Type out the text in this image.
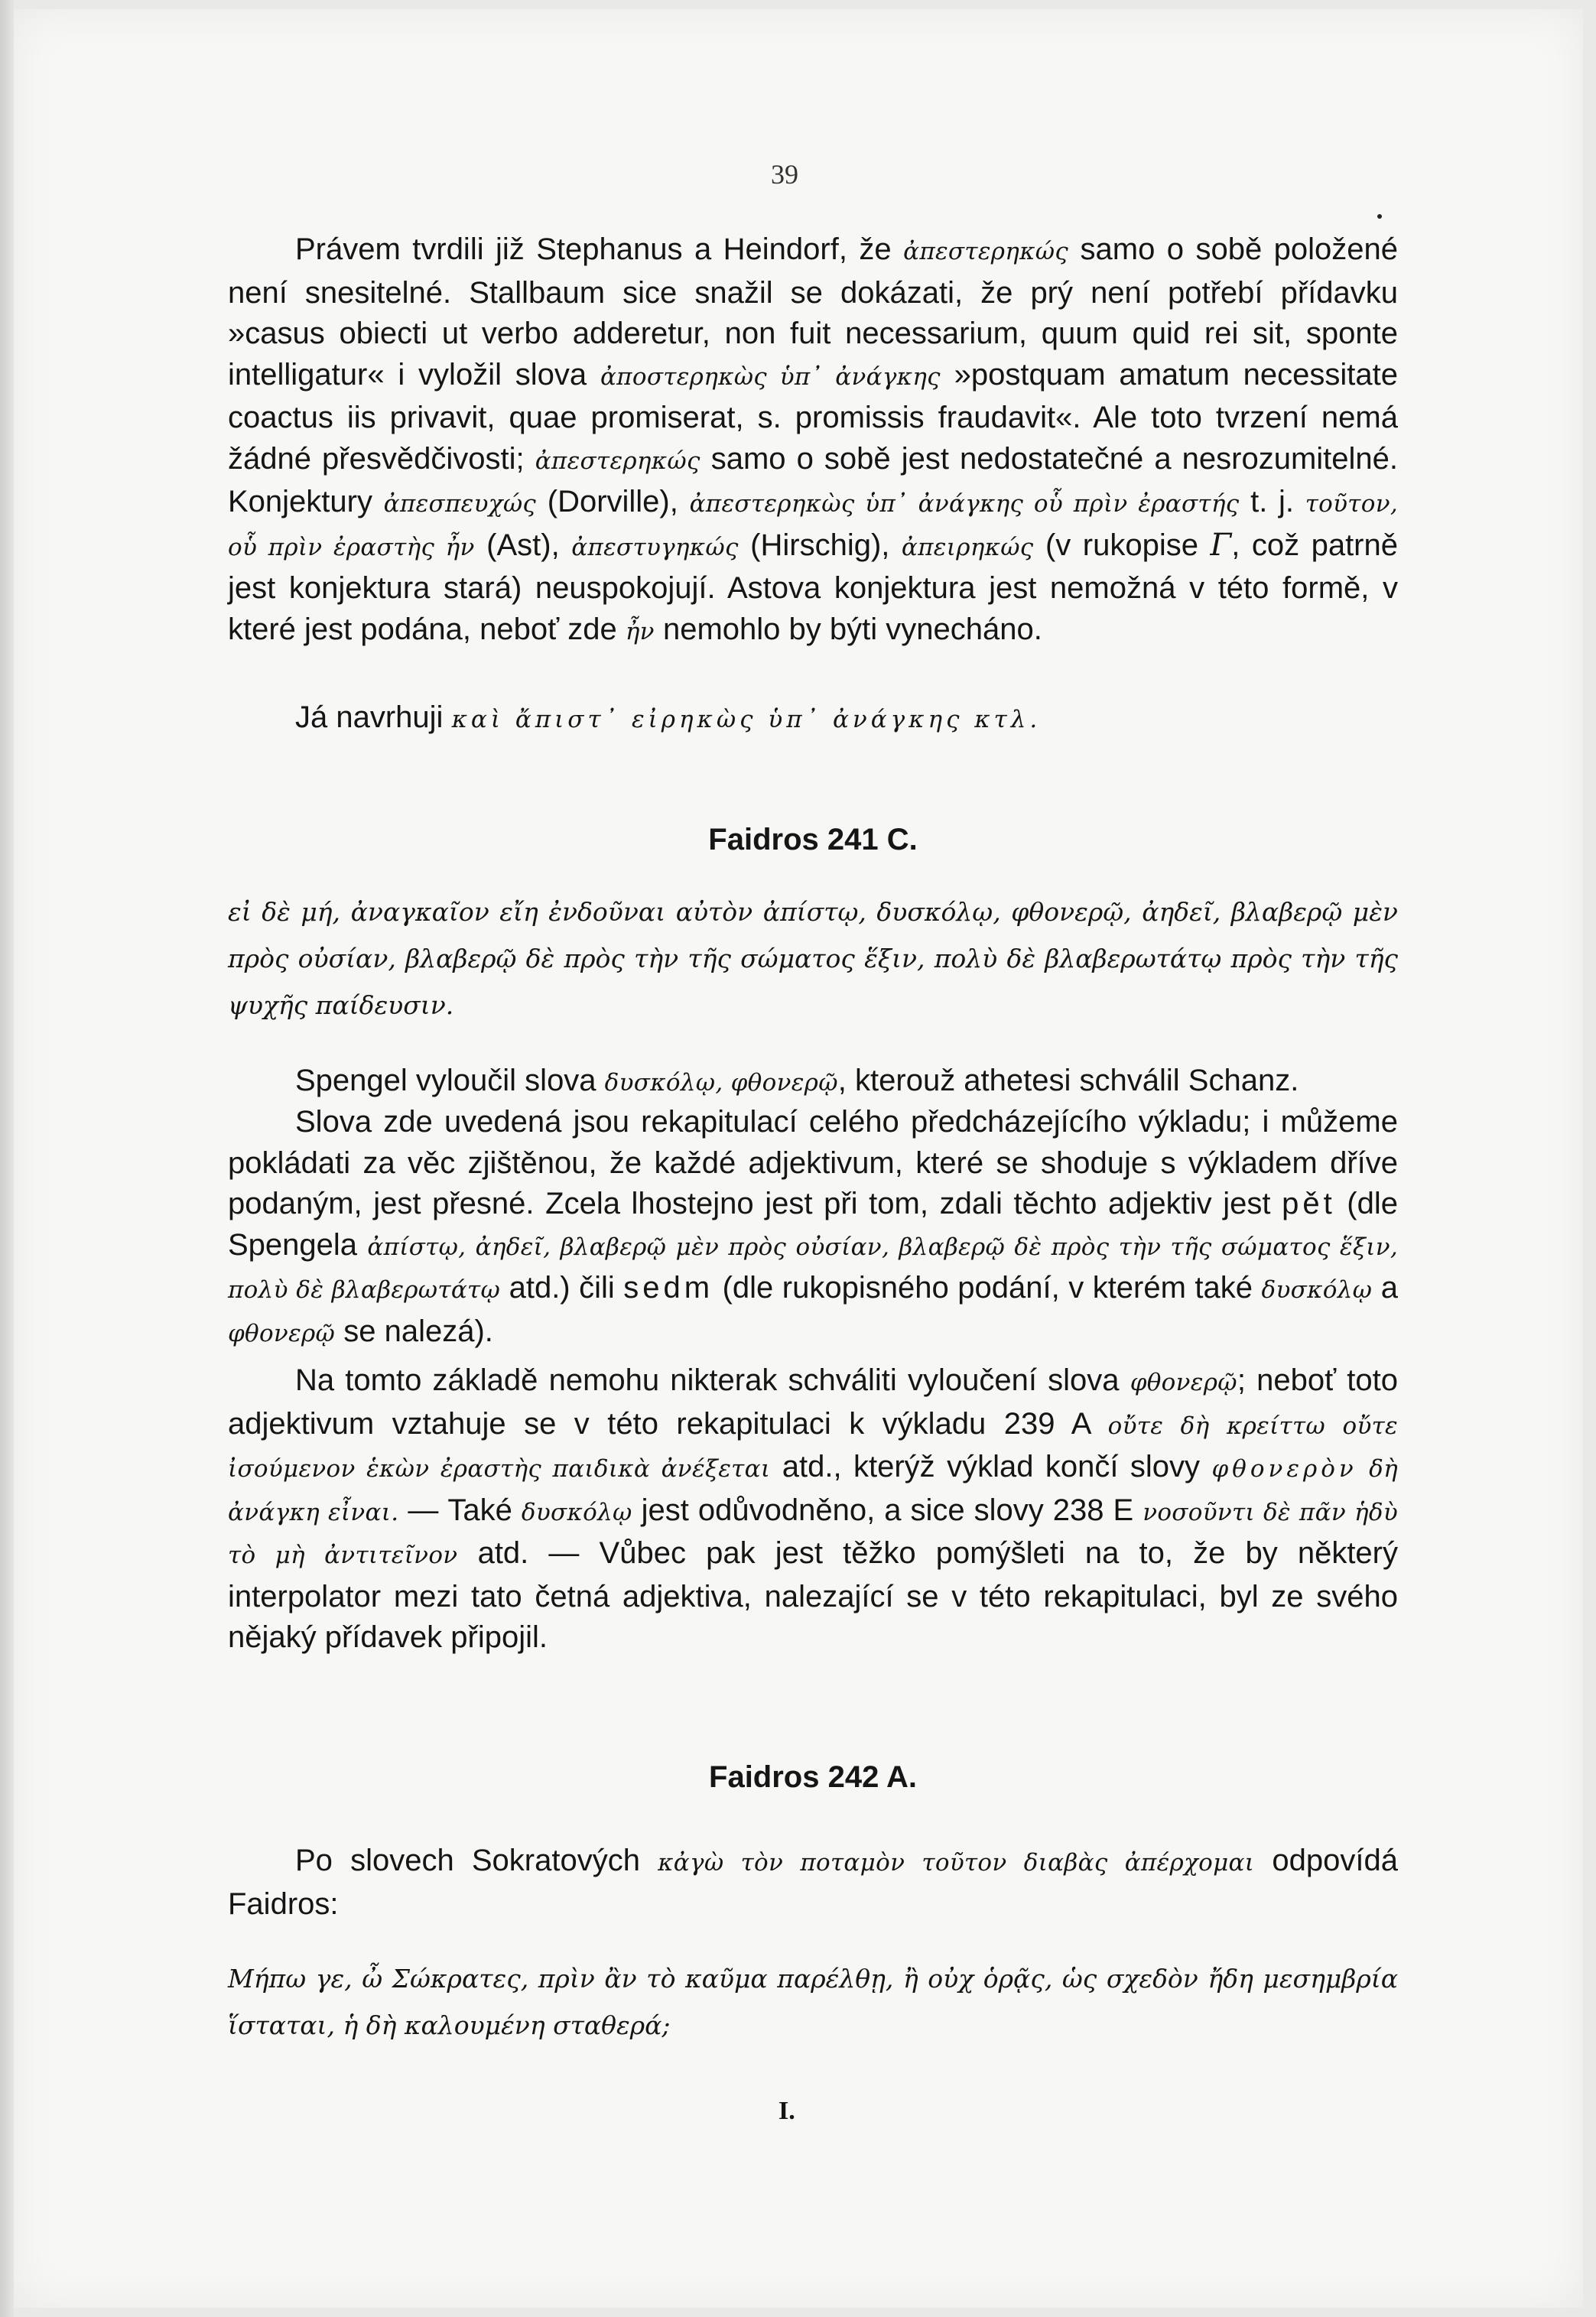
39

Právem tvrdili již Stephanus a Heindorf, že ἀπεστερηκώς samo o sobě položené není snesitelné. Stallbaum sice snažil se dokázati, že prý není potřebí přídavku »casus obiecti ut verbo adderetur, non fuit necessarium, quum quid rei sit, sponte intelligatur« i vyložil slova ἀποστερηκὼς ὑπ᾽ ἀνάγκης »postquam amatum necessitate coactus iis privavit, quae promiserat, s. promissis fraudavit«. Ale toto tvrzení nemá žádné přesvědčivosti; ἀπεστερηκώς samo o sobě jest nedostatečné a nesrozumitelné. Konjektury ἀπεσπευχώς (Dorville), ἀπεστερηκὼς ὑπ᾽ ἀνάγκης οὗ πρὶν ἐραστής t. j. τοῦτον, οὗ πρὶν ἐραστὴς ἦν (Ast), ἀπεστυγηκώς (Hirschig), ἀπειρηκώς (v rukopise Γ, což patrně jest konjektura stará) neuspokojují. Astova konjektura jest nemožná v této formě, v které jest podána, neboť zde ἦν nemohlo by býti vynecháno.

Já navrhuji καὶ ἄπιστ᾽ εἰρηκὼς ὑπ᾽ ἀνάγκης κτλ.

Faidros 241 C.

εἰ δὲ μή, ἀναγκαῖον εἴη ἐνδοῦναι αὐτὸν ἀπίστῳ, δυσκόλῳ, φθονερῷ, ἀηδεῖ, βλαβερῷ μὲν πρὸς οὐσίαν, βλαβερῷ δὲ πρὸς τὴν τῆς σώματος ἕξιν, πολὺ δὲ βλαβερωτάτῳ πρὸς τὴν τῆς ψυχῆς παίδευσιν.

Spengel vyloučil slova δυσκόλῳ, φθονερῷ, kterouž athetesi schválil Schanz.

Slova zde uvedená jsou rekapitulací celého předcházejícího výkladu; i můžeme pokládati za věc zjištěnou, že každé adjektivum, které se shoduje s výkladem dříve podaným, jest přesné. Zcela lhostejno jest při tom, zdali těchto adjektiv jest pět (dle Spengela ἀπίστῳ, ἀηδεῖ, βλαβερῷ μὲν πρὸς οὐσίαν, βλαβερῷ δὲ πρὸς τὴν τῆς σώματος ἕξιν, πολὺ δὲ βλαβερωτάτῳ atd.) čili sedm (dle rukopisného podání, v kterém také δυσκόλῳ a φθονερῷ se nalezá).

Na tomto základě nemohu nikterak schváliti vyloučení slova φθονερῷ; neboť toto adjektivum vztahuje se v této rekapitulaci k výkladu 239 A οὔτε δὴ κρείττω οὔτε ἰσούμενον ἑκὼν ἐραστὴς παιδικὰ ἀνέξεται atd., kterýž výklad končí slovy φθονερὸν δὴ ἀνάγκη εἶναι. — Také δυσκόλῳ jest odůvodněno, a sice slovy 238 E νοσοῦντι δὲ πᾶν ἡδὺ τὸ μὴ ἀντιτεῖνον atd. — Vůbec pak jest těžko pomýšleti na to, že by některý interpolator mezi tato četná adjektiva, nalezající se v této rekapitulaci, byl ze svého nějaký přídavek připojil.

Faidros 242 A.

Po slovech Sokratových κἀγὼ τὸν ποταμὸν τοῦτον διαβὰς ἀπέρχομαι odpovídá Faidros:

Μήπω γε, ὦ Σώκρατες, πρὶν ἂν τὸ καῦμα παρέλθῃ, ἢ οὐχ ὁρᾷς, ὡς σχεδὸν ἤδη μεσημβρία ἵσταται, ἡ δὴ καλουμένη σταθερά;

I.
